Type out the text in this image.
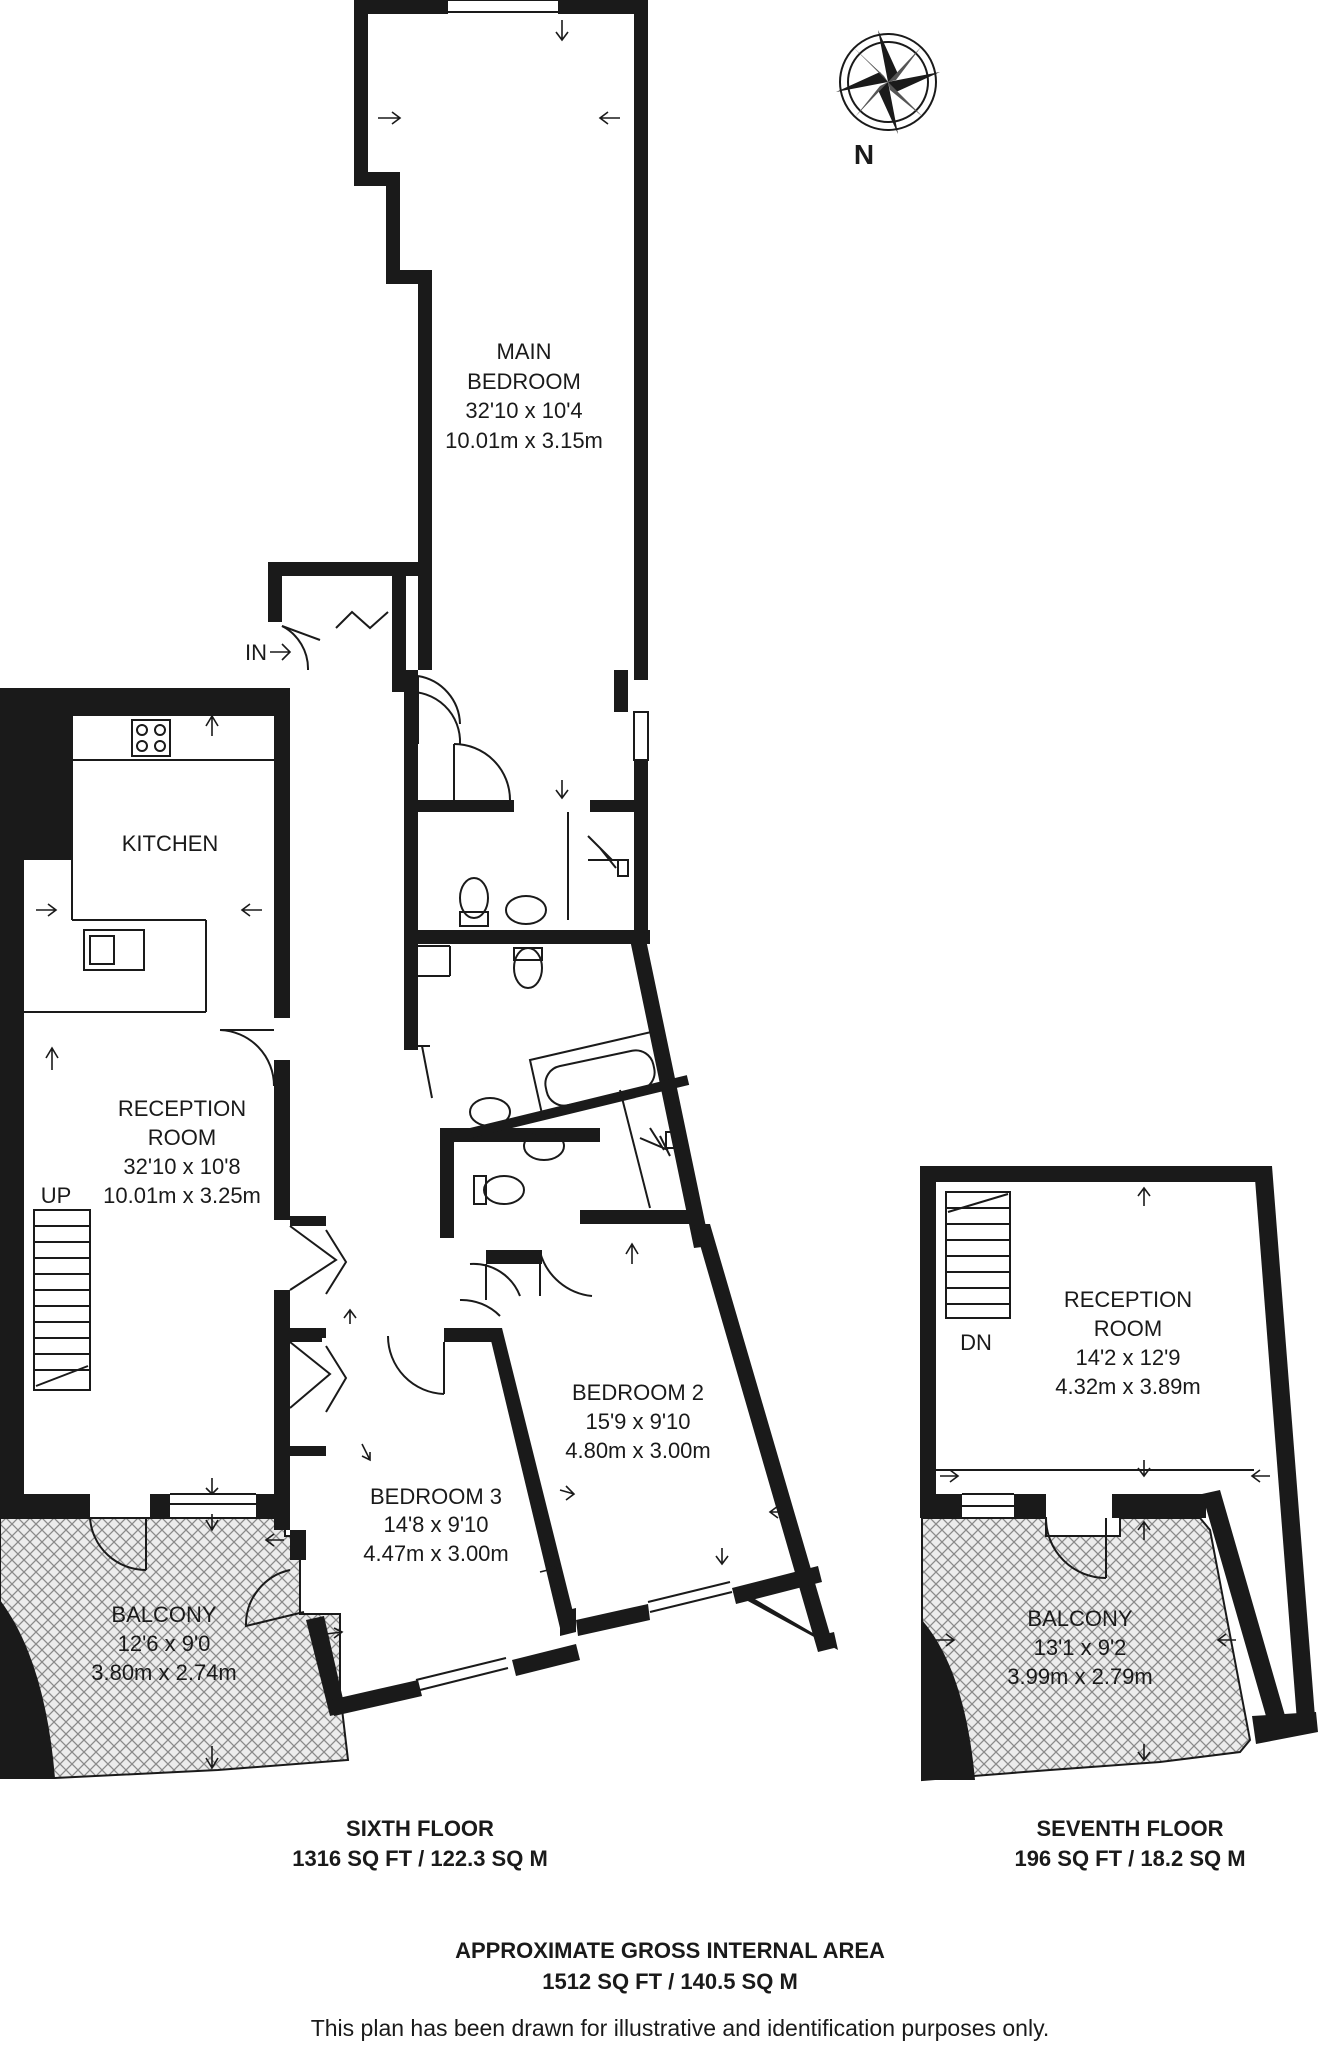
N
MAIN
BEDROOM
32'10 x 10'4
10.01m x 3.15m
KITCHEN
RECEPTION
ROOM
32'10 x 10'8
10.01m x 3.25m
UP
IN
BEDROOM 2
15'9 x 9'10
4.80m x 3.00m
BEDROOM 3
14'8 x 9'10
4.47m x 3.00m
BALCONY
12'6 x 9'0
3.80m x 2.74m
RECEPTION
ROOM
14'2 x 12'9
4.32m x 3.89m
DN
BALCONY
13'1 x 9'2
3.99m x 2.79m
SIXTH FLOOR
1316 SQ FT / 122.3 SQ M
SEVENTH FLOOR
196 SQ FT / 18.2 SQ M
APPROXIMATE GROSS INTERNAL AREA
1512 SQ FT / 140.5 SQ M
This plan has been drawn for illustrative and identification purposes only.
